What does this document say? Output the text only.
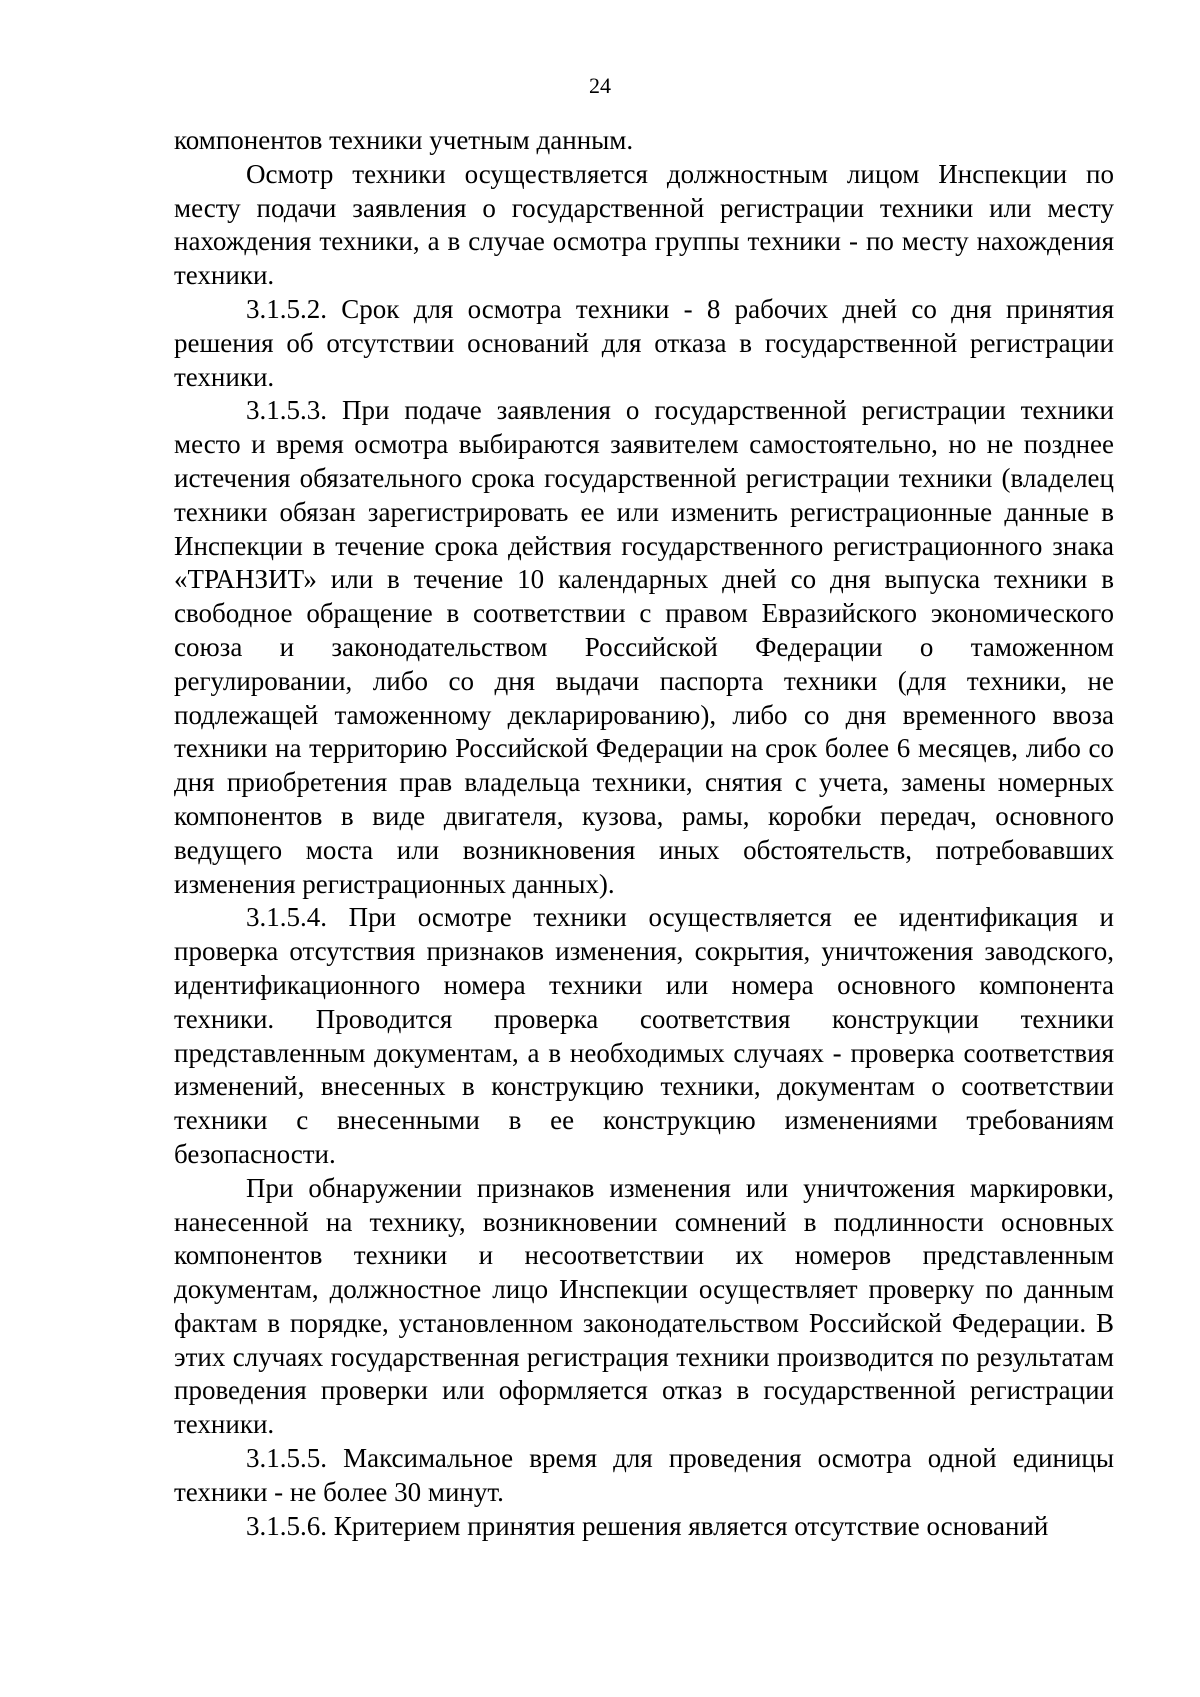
24

компонентов техники учетным данным.

Осмотр техники осуществляется должностным лицом Инспекции по месту подачи заявления о государственной регистрации техники или месту нахождения техники, а в случае осмотра группы техники - по месту нахождения техники.

3.1.5.2. Срок для осмотра техники - 8 рабочих дней со дня принятия решения об отсутствии оснований для отказа в государственной регистрации техники.

3.1.5.3. При подаче заявления о государственной регистрации техники место и время осмотра выбираются заявителем самостоятельно, но не позднее истечения обязательного срока государственной регистрации техники (владелец техники обязан зарегистрировать ее или изменить регистрационные данные в Инспекции в течение срока действия государственного регистрационного знака «ТРАНЗИТ» или в течение 10 календарных дней со дня выпуска техники в свободное обращение в соответствии с правом Евразийского экономического союза и законодательством Российской Федерации о таможенном регулировании, либо со дня выдачи паспорта техники (для техники, не подлежащей таможенному декларированию), либо со дня временного ввоза техники на территорию Российской Федерации на срок более 6 месяцев, либо со дня приобретения прав владельца техники, снятия с учета, замены номерных компонентов в виде двигателя, кузова, рамы, коробки передач, основного ведущего моста или возникновения иных обстоятельств, потребовавших изменения регистрационных данных).

3.1.5.4. При осмотре техники осуществляется ее идентификация и проверка отсутствия признаков изменения, сокрытия, уничтожения заводского, идентификационного номера техники или номера основного компонента техники. Проводится проверка соответствия конструкции техники представленным документам, а в необходимых случаях - проверка соответствия изменений, внесенных в конструкцию техники, документам о соответствии техники с внесенными в ее конструкцию изменениями требованиям безопасности.

При обнаружении признаков изменения или уничтожения маркировки, нанесенной на технику, возникновении сомнений в подлинности основных компонентов техники и несоответствии их номеров представленным документам, должностное лицо Инспекции осуществляет проверку по данным фактам в порядке, установленном законодательством Российской Федерации. В этих случаях государственная регистрация техники производится по результатам проведения проверки или оформляется отказ в государственной регистрации техники.

3.1.5.5. Максимальное время для проведения осмотра одной единицы техники - не более 30 минут.

3.1.5.6. Критерием принятия решения является отсутствие оснований
